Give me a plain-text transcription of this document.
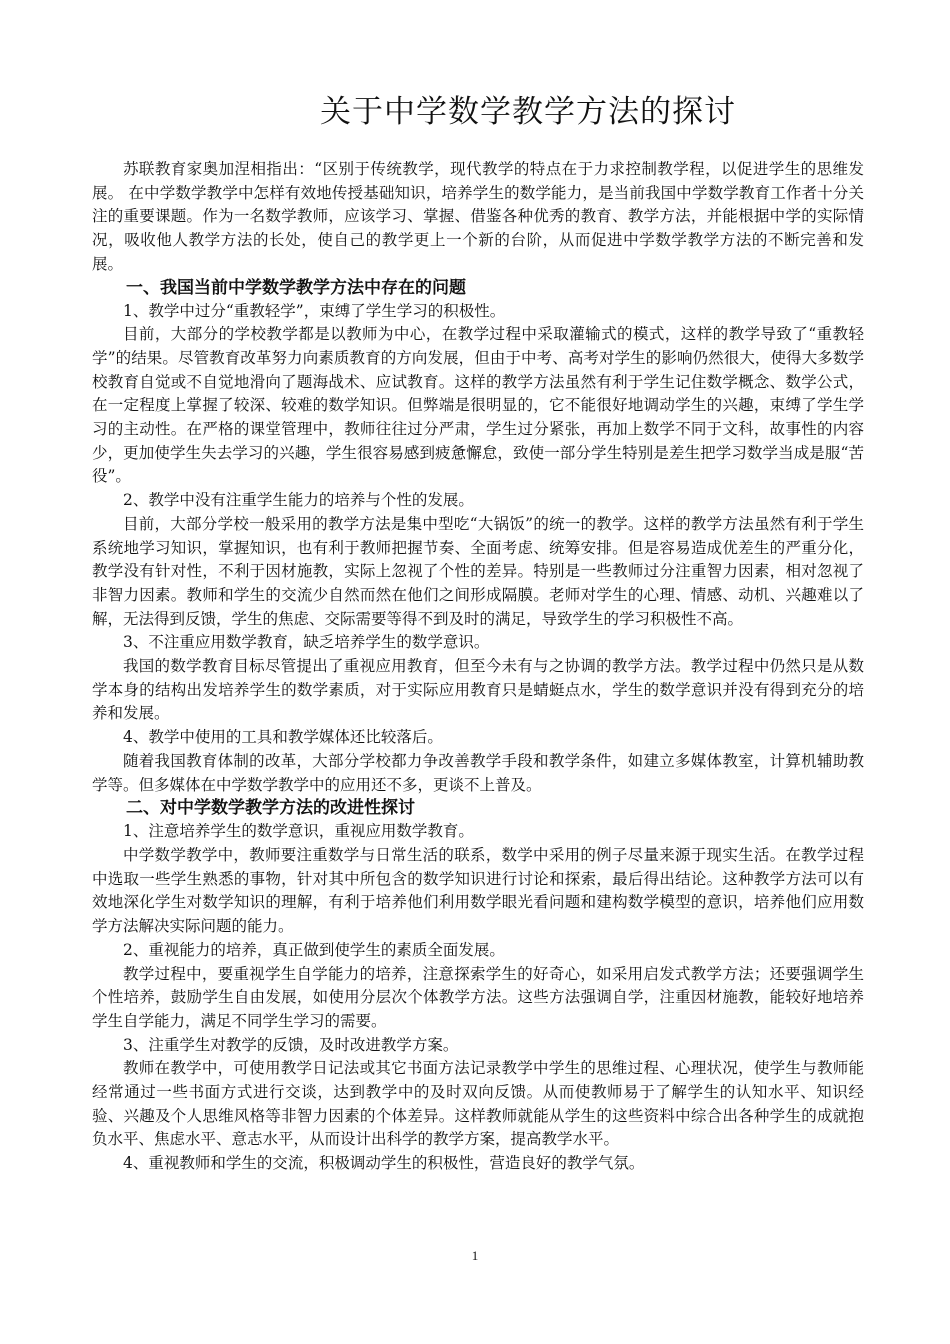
关于中学数学教学方法的探讨

苏联教育家奥加涅相指出：“区别于传统教学，现代教学的特点在于力求控制教学程，以促进学生的思维发展。 在中学数学教学中怎样有效地传授基础知识，培养学生的数学能力，是当前我国中学数学教育工作者十分关注的重要课题。作为一名数学教师，应该学习、掌握、借鉴各种优秀的教育、教学方法，并能根据中学的实际情况，吸收他人教学方法的长处，使自己的教学更上一个新的台阶，从而促进中学数学教学方法的不断完善和发展。

一、我国当前中学数学教学方法中存在的问题

1、教学中过分“重教轻学”，束缚了学生学习的积极性。

目前，大部分的学校教学都是以教师为中心，在教学过程中采取灌输式的模式，这样的教学导致了“重教轻学”的结果。尽管教育改革努力向素质教育的方向发展，但由于中考、高考对学生的影响仍然很大，使得大多数学校教育自觉或不自觉地滑向了题海战术、应试教育。这样的教学方法虽然有利于学生记住数学概念、数学公式，在一定程度上掌握了较深、较难的数学知识。但弊端是很明显的，它不能很好地调动学生的兴趣，束缚了学生学习的主动性。在严格的课堂管理中，教师往往过分严肃，学生过分紧张，再加上数学不同于文科，故事性的内容少，更加使学生失去学习的兴趣，学生很容易感到疲惫懈怠，致使一部分学生特别是差生把学习数学当成是服“苦役”。

2、教学中没有注重学生能力的培养与个性的发展。

目前，大部分学校一般采用的教学方法是集中型吃“大锅饭”的统一的教学。这样的教学方法虽然有利于学生系统地学习知识，掌握知识，也有利于教师把握节奏、全面考虑、统筹安排。但是容易造成优差生的严重分化，教学没有针对性，不利于因材施教，实际上忽视了个性的差异。特别是一些教师过分注重智力因素，相对忽视了非智力因素。教师和学生的交流少自然而然在他们之间形成隔膜。老师对学生的心理、情感、动机、兴趣难以了解，无法得到反馈，学生的焦虑、交际需要等得不到及时的满足，导致学生的学习积极性不高。

3、不注重应用数学教育，缺乏培养学生的数学意识。

我国的数学教育目标尽管提出了重视应用教育，但至今未有与之协调的教学方法。教学过程中仍然只是从数学本身的结构出发培养学生的数学素质，对于实际应用教育只是蜻蜓点水，学生的数学意识并没有得到充分的培养和发展。

4、教学中使用的工具和教学媒体还比较落后。

随着我国教育体制的改革，大部分学校都力争改善教学手段和教学条件，如建立多媒体教室，计算机辅助教学等。但多媒体在中学数学教学中的应用还不多，更谈不上普及。

二、对中学数学教学方法的改进性探讨

1、注意培养学生的数学意识，重视应用数学教育。

中学数学教学中，教师要注重数学与日常生活的联系，数学中采用的例子尽量来源于现实生活。在教学过程中选取一些学生熟悉的事物，针对其中所包含的数学知识进行讨论和探索，最后得出结论。这种教学方法可以有效地深化学生对数学知识的理解，有利于培养他们利用数学眼光看问题和建构数学模型的意识，培养他们应用数学方法解决实际问题的能力。

2、重视能力的培养，真正做到使学生的素质全面发展。

教学过程中，要重视学生自学能力的培养，注意探索学生的好奇心，如采用启发式教学方法；还要强调学生个性培养，鼓励学生自由发展，如使用分层次个体教学方法。这些方法强调自学，注重因材施教，能较好地培养学生自学能力，满足不同学生学习的需要。

3、注重学生对教学的反馈，及时改进教学方案。

教师在教学中，可使用教学日记法或其它书面方法记录教学中学生的思维过程、心理状况，使学生与教师能经常通过一些书面方式进行交谈，达到教学中的及时双向反馈。从而使教师易于了解学生的认知水平、知识经验、兴趣及个人思维风格等非智力因素的个体差异。这样教师就能从学生的这些资料中综合出各种学生的成就抱负水平、焦虑水平、意志水平，从而设计出科学的教学方案，提高教学水平。

4、重视教师和学生的交流，积极调动学生的积极性，营造良好的教学气氛。

1
